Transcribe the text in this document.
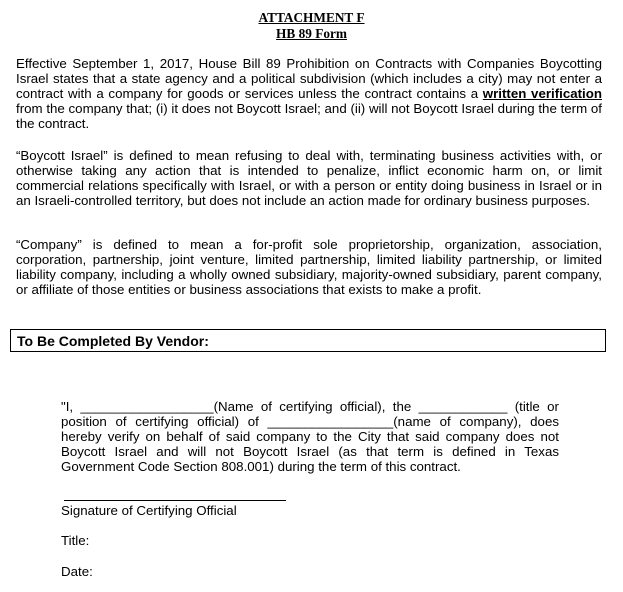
ATTACHMENT F
HB 89 Form
Effective September 1, 2017, House Bill 89 Prohibition on Contracts with Companies Boycotting Israel states that a state agency and a political subdivision (which includes a city) may not enter a contract with a company for goods or services unless the contract contains a written verification from the company that; (i) it does not Boycott Israel; and (ii) will not Boycott Israel during the term of the contract.
“Boycott Israel” is defined to mean refusing to deal with, terminating business activities with, or otherwise taking any action that is intended to penalize, inflict economic harm on, or limit commercial relations specifically with Israel, or with a person or entity doing business in Israel or in an Israeli-controlled territory, but does not include an action made for ordinary business purposes.
“Company” is defined to mean a for-profit sole proprietorship, organization, association, corporation, partnership, joint venture, limited partnership, limited liability partnership, or limited liability company, including a wholly owned subsidiary, majority-owned subsidiary, parent company, or affiliate of those entities or business associations that exists to make a profit.
To Be Completed By Vendor:
"I, __________________(Name of certifying official), the ____________ (title or position of certifying official) of _________________(name of company), does hereby verify on behalf of said company to the City that said company does not Boycott Israel and will not Boycott Israel (as that term is defined in Texas Government Code Section 808.001) during the term of this contract.
Signature of Certifying Official
Title:
Date:
